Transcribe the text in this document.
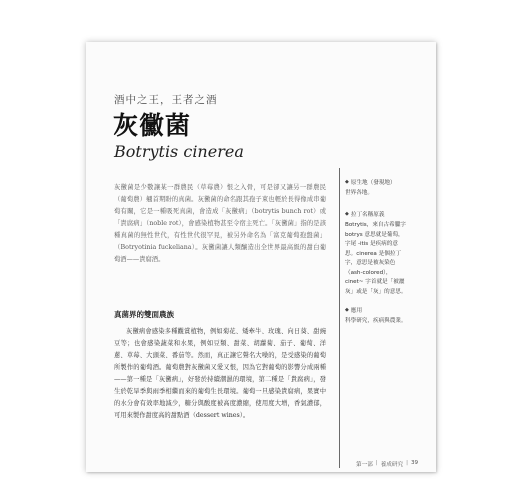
酒中之王，王者之酒
灰黴菌
Botrytis cinerea

灰黴菌是少數讓某一群農民（草莓農）恨之入骨，可是卻又讓另一群農民（葡萄農）翹首期盼的真菌。灰黴菌的命名跟其孢子束也輕於長得像成串葡萄有關，它是一種吸死真菌，會造成「灰黴病」（botrytis bunch rot）或「貴腐病」（noble rot），會感染植物甚至令宿主死亡。「灰黴菌」指的是該種真菌的無性世代，有性世代很罕見，被另外命名為「富克葡萄孢盤菌」（Botryotinia fuckeliana）。灰黴菌讓人類釀造出全世界最高級的甜白葡萄酒——貴腐酒。

真菌界的雙面農族

灰黴病會感染多種觀賞植物，例如菊花、矮牽牛、玫瑰、向日葵、甜豌豆等；也會感染蔬菜和水果，例如豆類、甜菜、胡蘿蔔、茄子、葡萄、洋蔥、草莓、大頭菜、番茄等。然而，真正讓它聲名大噪的，是受感染的葡萄所製作的葡萄酒。葡萄農對灰黴菌又愛又恨，因為它對葡萄的影響分成兩種——第一種是「灰黴病」，好發於持續潮濕的環境，第二種是「貴腐病」，發生於乾旱季與雨季相繼而來的葡萄生長環境。葡萄一旦感染貴腐病，果實中的水分會有效率地減少，糖分與酸度被高度濃縮，使用度大增，香氣濃郁，可用來製作甜度高的甜點酒（dessert wines）。

◆ 原生地（發現地）
世界各地。
◆ 拉丁名稱原義
Botrytis，來自古希臘字 botrys 意思就是葡萄，字尾 -itis 是疾病的意思。cinerea 是個拉丁字，意思是被灰染色（ash-colored），cinet~ 字首就是「被灑灰」或是「灰」的意思。
◆ 應用
科學研究，疾病與農業。
第一部 | 養成研究 | 39
